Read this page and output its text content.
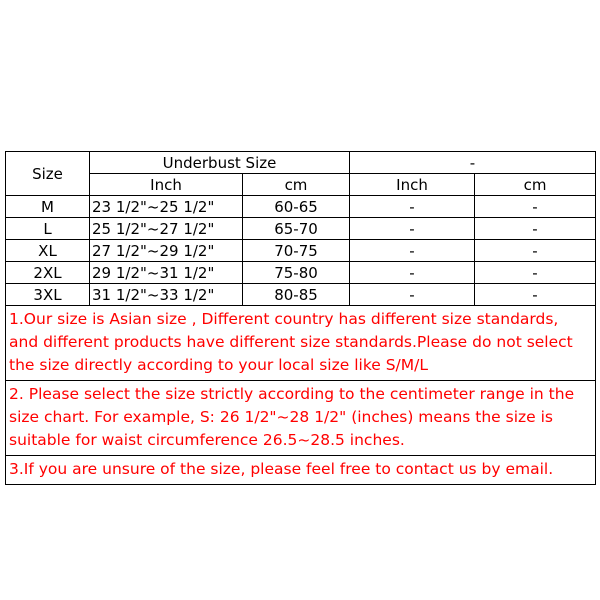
Size	Underbust Size		-	
	Inch	cm	Inch	cm
M	23 1/2"~25 1/2"	60-65	-	-
L	25 1/2"~27 1/2"	65-70	-	-
XL	27 1/2"~29 1/2"	70-75	-	-
2XL	29 1/2"~31 1/2"	75-80	-	-
3XL	31 1/2"~33 1/2"	80-85	-	-
1.Our size is Asian size , Different country has different size standards, and different products have different size standards.Please do not select the size directly according to your local size like S/M/L				
2. Please select the size strictly according to the centimeter range in the size chart. For example, S: 26 1/2"~28 1/2" (inches) means the size is suitable for waist circumference 26.5~28.5 inches.				
3.If you are unsure of the size, please feel free to contact us by email.				
